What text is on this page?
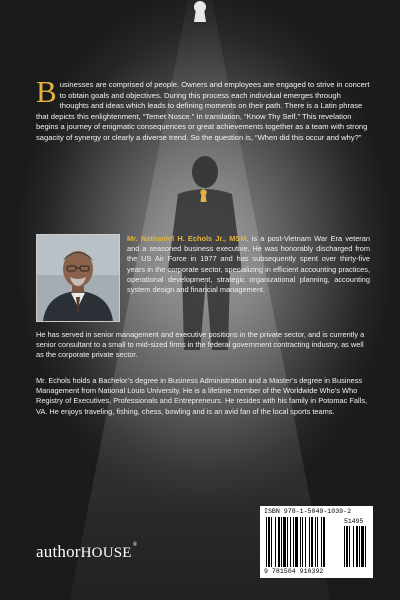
Businesses are comprised of people. Owners and employees are engaged to strive in concert to obtain goals and objectives. During this process each individual emerges through thoughts and ideas which leads to defining moments on their path. There is a Latin phrase that depicts this enlightenment, “Temet Nosce.” In translation, “Know Thy Self.” This revelation begins a journey of enigmatic consequences or great achievements together as a team with strong sagacity of synergy or clearly a diverse trend. So the question is, “When did this occur and why?”
Mr. Nathaniel H. Echols Jr., MSM, is a post-Vietnam War Era veteran and a seasoned business executive. He was honorably discharged from the US Air Force in 1977 and has subsequently spent over thirty-five years in the corporate sector, specializing in efficient accounting practices, operational development, strategic organizational planning, accounting system design and financial management.
He has served in senior management and executive positions in the private sector, and is currently a senior consultant to a small to mid-sized firms in the federal government contracting industry, as well as the corporate private sector.
Mr. Echols holds a Bachelor’s degree in Business Administration and a Master’s degree in Business Management from National Louis University. He is a lifetime member of the Worldwide Who’s Who Registry of Executives, Professionals and Entrepreneurs. He resides with his family in Potomac Falls, VA. He enjoys traveling, fishing, chess, bowling and is an avid fan of the local sports teams.
ISBN 978-1-5049-1039-2
51495
9 781504 910392
authorHOUSE®
